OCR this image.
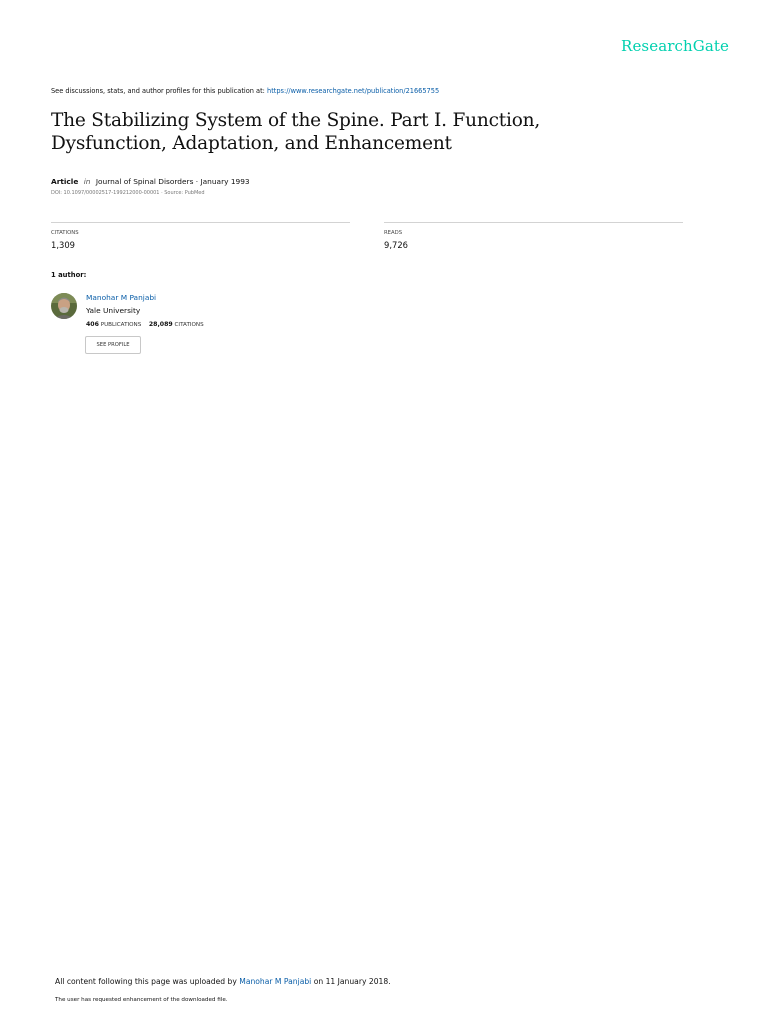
ResearchGate
See discussions, stats, and author profiles for this publication at: https://www.researchgate.net/publication/21665755
The Stabilizing System of the Spine. Part I. Function, Dysfunction, Adaptation, and Enhancement
Article in Journal of Spinal Disorders · January 1993
DOI: 10.1097/00002517-199212000-00001 · Source: PubMed
CITATIONS
1,309
READS
9,726
1 author:
Manohar M Panjabi
Yale University
406 PUBLICATIONS 28,089 CITATIONS
SEE PROFILE
All content following this page was uploaded by Manohar M Panjabi on 11 January 2018.
The user has requested enhancement of the downloaded file.
